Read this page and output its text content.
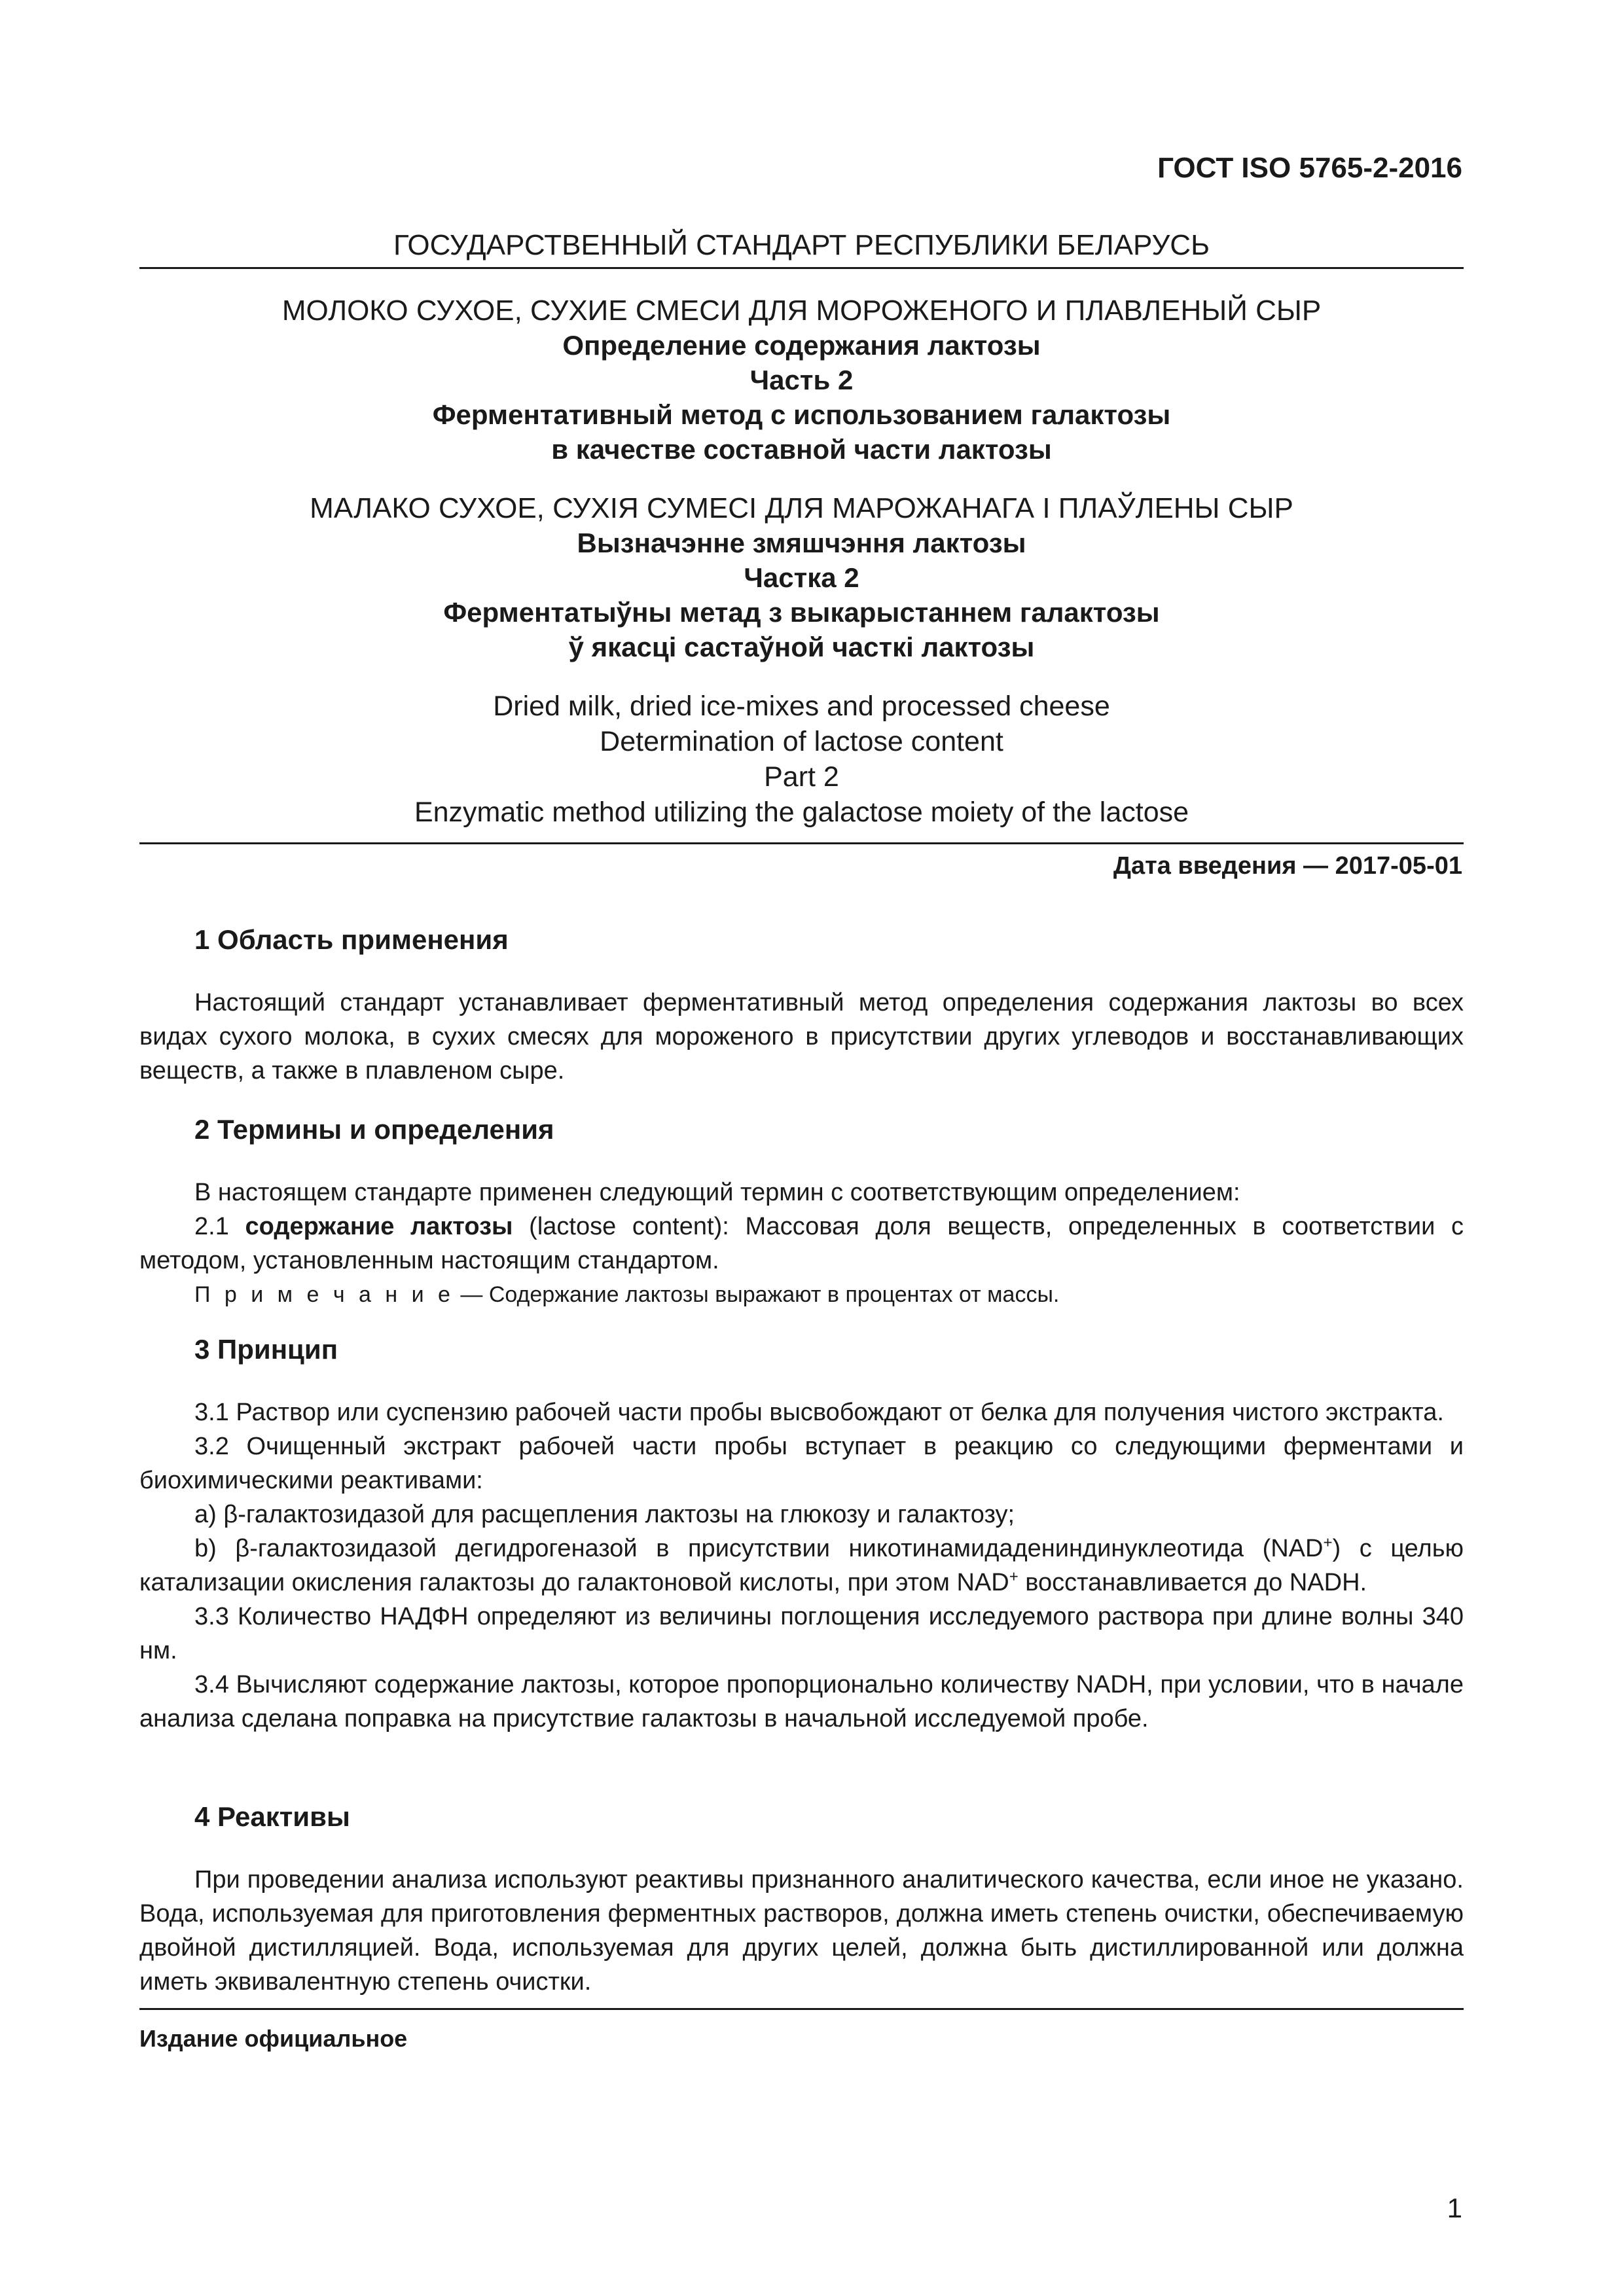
ГОСТ ISO 5765-2-2016
ГОСУДАРСТВЕННЫЙ СТАНДАРТ РЕСПУБЛИКИ БЕЛАРУСЬ
МОЛОКО СУХОЕ, СУХИЕ СМЕСИ ДЛЯ МОРОЖЕНОГО И ПЛАВЛЕНЫЙ СЫР
Определение содержания лактозы
Часть 2
Ферментативный метод с использованием галактозы
в качестве составной части лактозы
МАЛАКО СУХОЕ, СУХІЯ СУМЕСІ ДЛЯ МАРОЖАНАГА І ПЛАЎЛЕНЫ СЫР
Вызначэнне змяшчэння лактозы
Частка 2
Ферментатыўны метад з выкарыстаннем галактозы
ў якасці састаўной часткі лактозы
Dried мilk, dried ice-mixes and processed cheese
Determination of lactose content
Part 2
Enzymatic method utilizing the galactose moiety of the lactose
Дата введения — 2017-05-01
1 Область применения

Настоящий стандарт устанавливает ферментативный метод определения содержания лактозы во всех видах сухого молока, в сухих смесях для мороженого в присутствии других углеводов и восстанавливающих веществ, а также в плавленом сыре.

2 Термины и определения

В настоящем стандарте применен следующий термин с соответствующим определением:

2.1 содержание лактозы (lactose content): Массовая доля веществ, определенных в соответствии с методом, установленным настоящим стандартом.

П р и м е ч а н и е — Содержание лактозы выражают в процентах от массы.

3 Принцип

3.1 Раствор или суспензию рабочей части пробы высвобождают от белка для получения чистого экстракта.

3.2 Очищенный экстракт рабочей части пробы вступает в реакцию со следующими ферментами и биохимическими реактивами:

a) β-галактозидазой для расщепления лактозы на глюкозу и галактозу;

b) β-галактозидазой дегидрогеназой в присутствии никотинамидадениндинуклеотида (NAD+) с целью катализации окисления галактозы до галактоновой кислоты, при этом NAD+ восстанавливается до NADH.

3.3 Количество НАДФН определяют из величины поглощения исследуемого раствора при длине волны 340 нм.

3.4 Вычисляют содержание лактозы, которое пропорционально количеству NADH, при условии, что в начале анализа сделана поправка на присутствие галактозы в начальной исследуемой пробе.

4 Реактивы

При проведении анализа используют реактивы признанного аналитического качества, если иное не указано. Вода, используемая для приготовления ферментных растворов, должна иметь степень очистки, обеспечиваемую двойной дистилляцией. Вода, используемая для других целей, должна быть дистиллированной или должна иметь эквивалентную степень очистки.

Издание официальное
1
